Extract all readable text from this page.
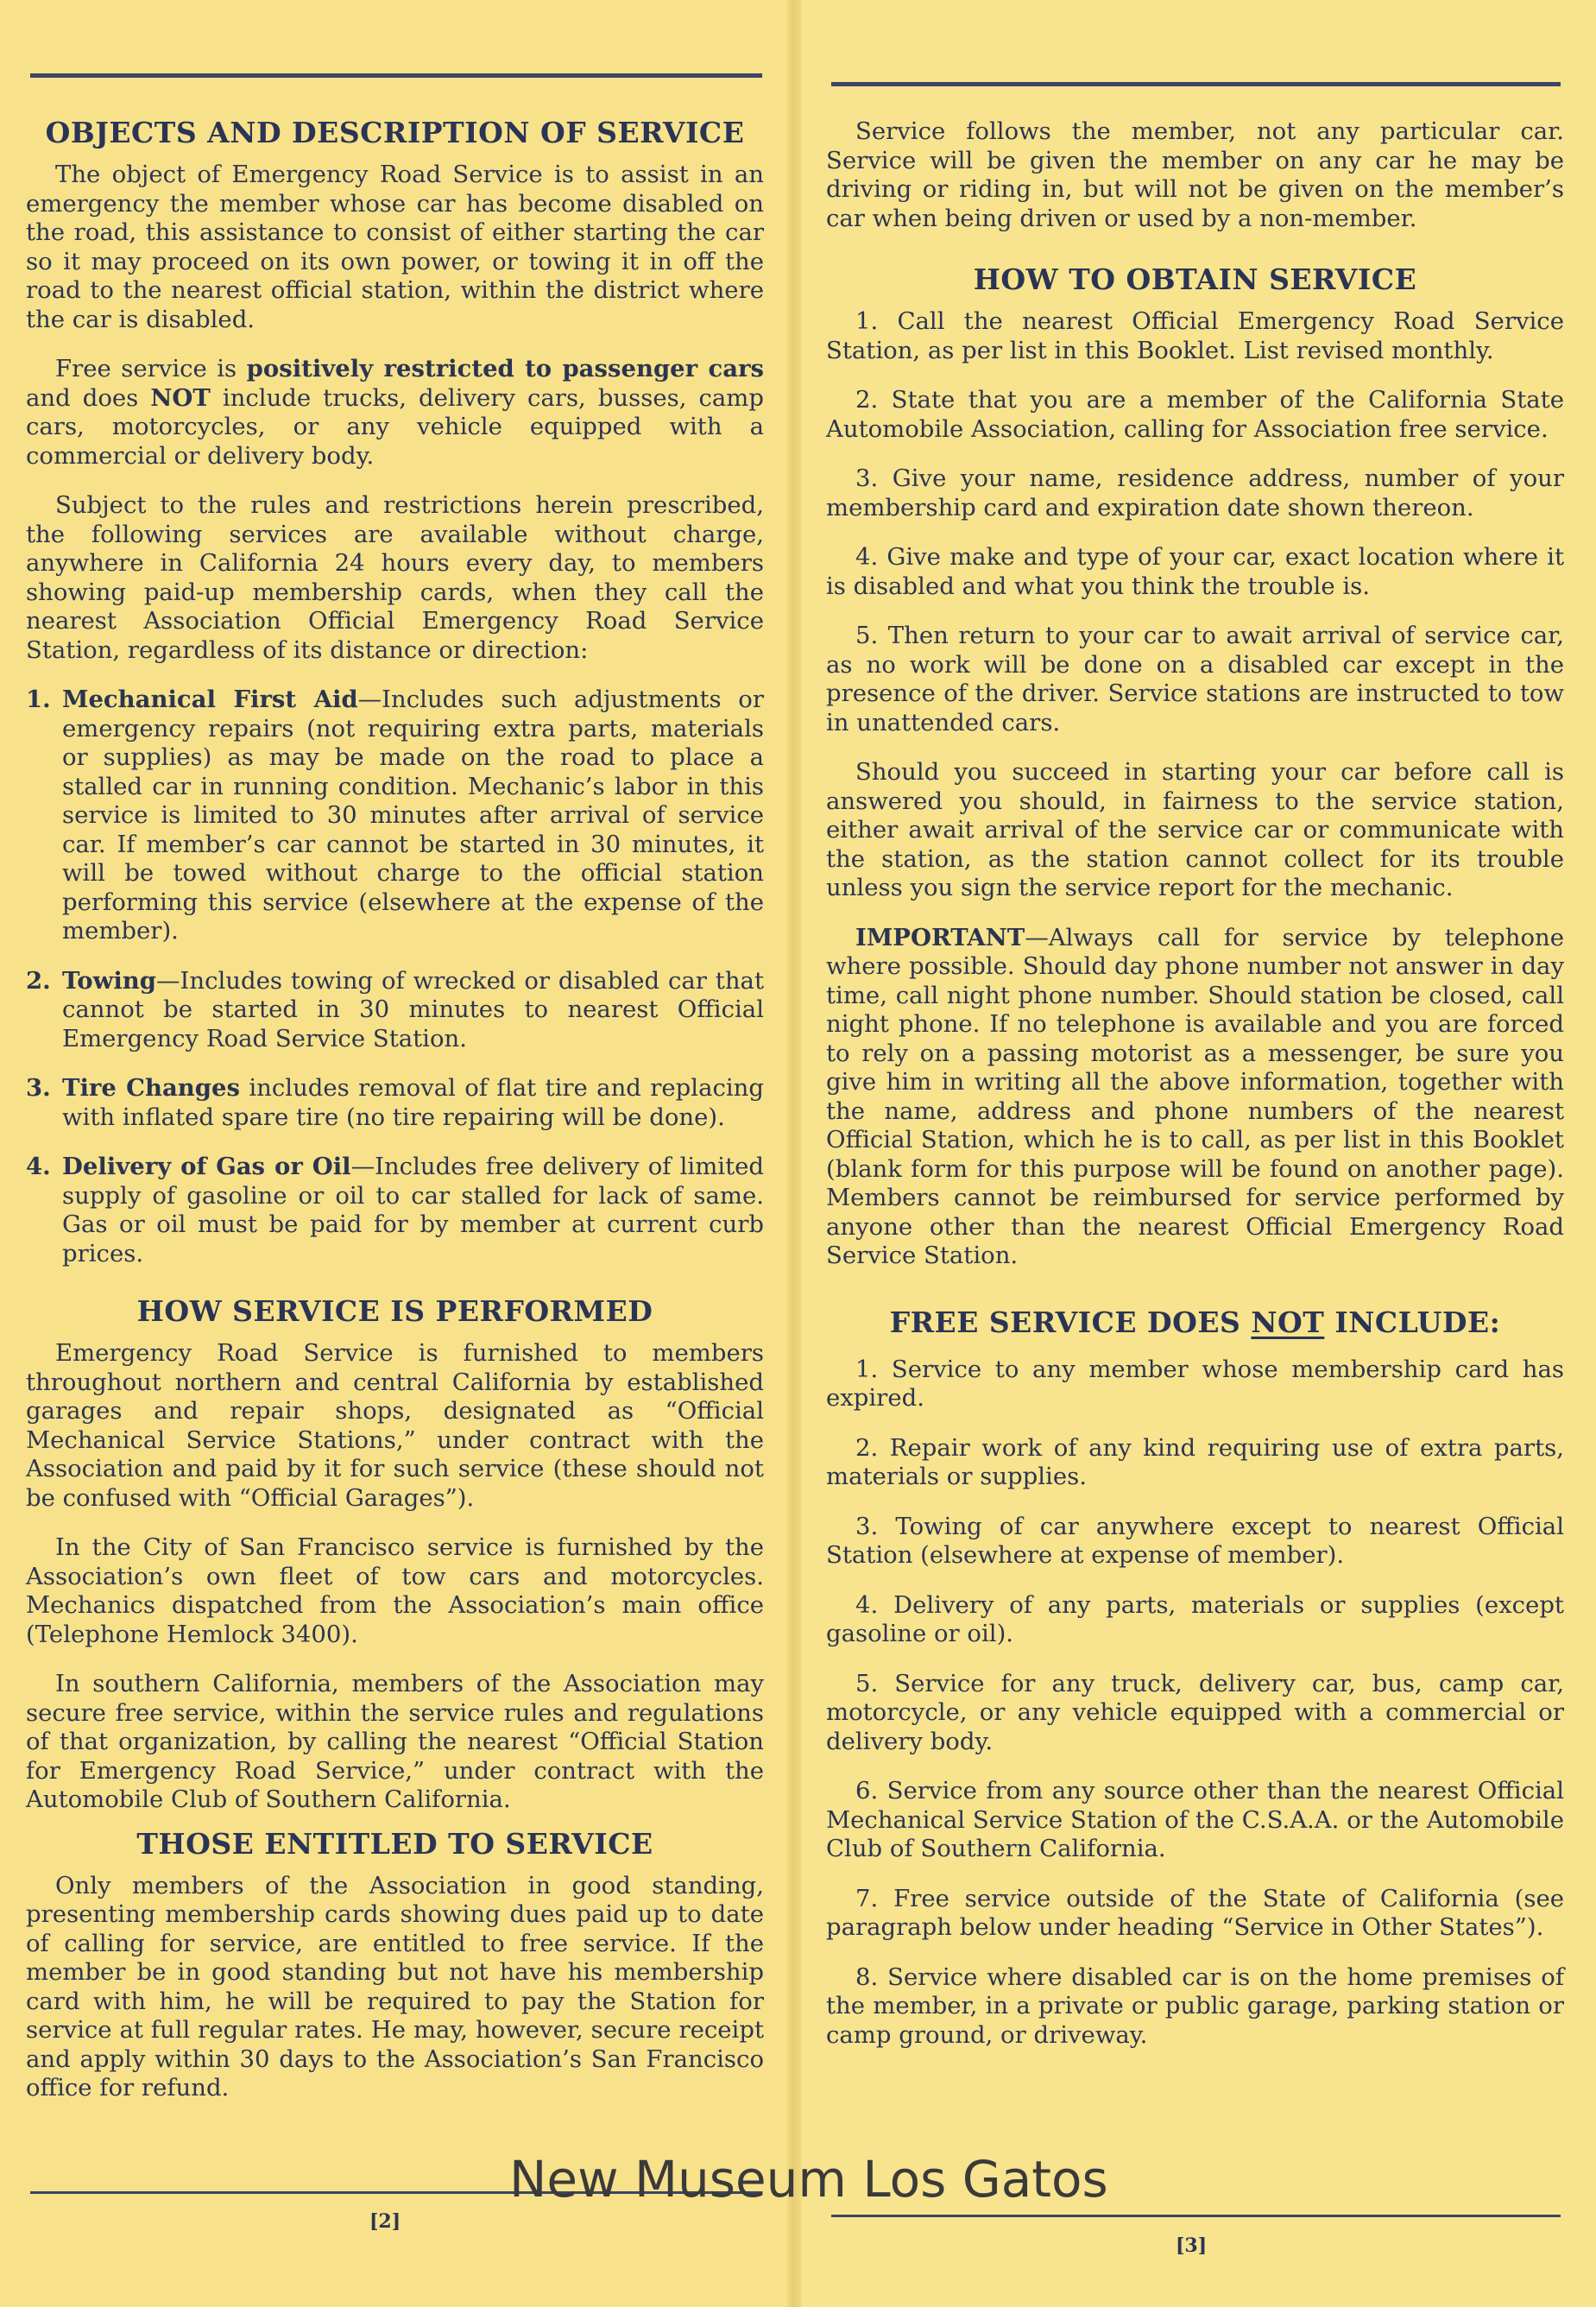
OBJECTS AND DESCRIPTION OF SERVICE

The object of Emergency Road Service is to assist in an emergency the member whose car has become disabled on the road, this assistance to consist of either starting the car so it may proceed on its own power, or towing it in off the road to the nearest official station, within the district where the car is disabled.

Free service is positively restricted to passenger cars and does NOT include trucks, delivery cars, busses, camp cars, motorcycles, or any vehicle equipped with a commercial or delivery body.

Subject to the rules and restrictions herein prescribed, the following services are available without charge, anywhere in California 24 hours every day, to members showing paid-up membership cards, when they call the nearest Association Official Emergency Road Service Station, regardless of its distance or direction:

1. Mechanical First Aid—Includes such adjustments or emergency repairs (not requiring extra parts, materials or supplies) as may be made on the road to place a stalled car in running condition. Mechanic’s labor in this service is limited to 30 minutes after arrival of service car. If member’s car cannot be started in 30 minutes, it will be towed without charge to the official station performing this service (elsewhere at the expense of the member).
2. Towing—Includes towing of wrecked or disabled car that cannot be started in 30 minutes to nearest Official Emergency Road Service Station.
3. Tire Changes includes removal of flat tire and replacing with inflated spare tire (no tire repairing will be done).
4. Delivery of Gas or Oil—Includes free delivery of limited supply of gasoline or oil to car stalled for lack of same. Gas or oil must be paid for by member at current curb prices.
HOW SERVICE IS PERFORMED

Emergency Road Service is furnished to members throughout northern and central California by established garages and repair shops, designated as “Official Mechanical Service Stations,” under contract with the Association and paid by it for such service (these should not be confused with “Official Garages”).

In the City of San Francisco service is furnished by the Association’s own fleet of tow cars and motorcycles. Mechanics dispatched from the Association’s main office (Telephone Hemlock 3400).

In southern California, members of the Association may secure free service, within the service rules and regulations of that organization, by calling the nearest “Official Station for Emergency Road Service,” under contract with the Automobile Club of Southern California.

THOSE ENTITLED TO SERVICE

Only members of the Association in good standing, presenting membership cards showing dues paid up to date of calling for service, are entitled to free service. If the member be in good standing but not have his membership card with him, he will be required to pay the Station for service at full regular rates. He may, however, secure receipt and apply within 30 days to the Association’s San Francisco office for refund.

Service follows the member, not any particular car. Service will be given the member on any car he may be driving or riding in, but will not be given on the member’s car when being driven or used by a non-member.

HOW TO OBTAIN SERVICE

1. Call the nearest Official Emergency Road Service Station, as per list in this Booklet. List revised monthly.

2. State that you are a member of the California State Automobile Association, calling for Association free service.

3. Give your name, residence address, number of your membership card and expiration date shown thereon.

4. Give make and type of your car, exact location where it is disabled and what you think the trouble is.

5. Then return to your car to await arrival of service car, as no work will be done on a disabled car except in the presence of the driver. Service stations are instructed to tow in unattended cars.

Should you succeed in starting your car before call is answered you should, in fairness to the service station, either await arrival of the service car or communicate with the station, as the station cannot collect for its trouble unless you sign the service report for the mechanic.

IMPORTANT—Always call for service by telephone where possible. Should day phone number not answer in day time, call night phone number. Should station be closed, call night phone. If no telephone is available and you are forced to rely on a passing motorist as a messenger, be sure you give him in writing all the above information, together with the name, address and phone numbers of the nearest Official Station, which he is to call, as per list in this Booklet (blank form for this purpose will be found on another page). Members cannot be reimbursed for service performed by anyone other than the nearest Official Emergency Road Service Station.

FREE SERVICE DOES NOT INCLUDE:

1. Service to any member whose membership card has expired.

2. Repair work of any kind requiring use of extra parts, materials or supplies.

3. Towing of car anywhere except to nearest Official Station (elsewhere at expense of member).

4. Delivery of any parts, materials or supplies (except gasoline or oil).

5. Service for any truck, delivery car, bus, camp car, motorcycle, or any vehicle equipped with a commercial or delivery body.

6. Service from any source other than the nearest Official Mechanical Service Station of the C.S.A.A. or the Automobile Club of Southern California.

7. Free service outside of the State of California (see paragraph below under heading “Service in Other States”).

8. Service where disabled car is on the home premises of the member, in a private or public garage, parking station or camp ground, or driveway.

[2]
[3]
New Museum Los Gatos
